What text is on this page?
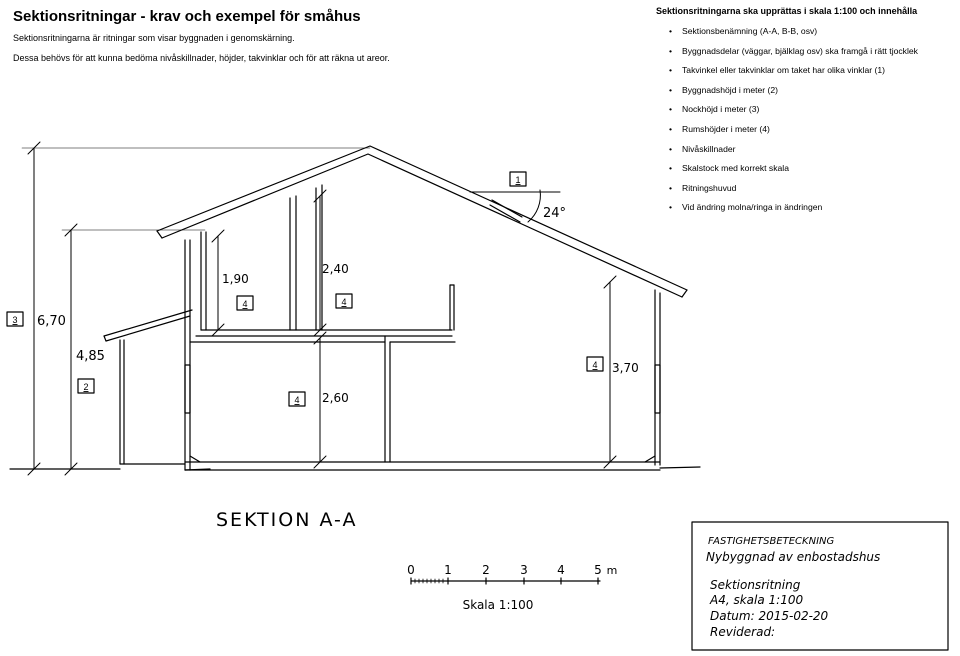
Sektionsritningar - krav och exempel för småhus

Sektionsritningarna är ritningar som visar byggnaden i genomskärning.

Dessa behövs för att kunna bedöma nivåskillnader, höjder, takvinklar och för att räkna ut areor.

Sektionsritningarna ska upprättas i skala 1:100 och innehålla

• Sektionsbenämning (A-A, B-B, osv)
• Byggnadsdelar (väggar, bjälklag osv) ska framgå i rätt tjocklek
• Takvinkel eller takvinklar om taket har olika vinklar (1)
• Byggnadshöjd i meter (2)
• Nockhöjd i meter (3)
• Rumshöjder i meter (4)
• Nivåskillnader
• Skalstock med korrekt skala
• Ritningshuvud
• Vid ändring molna/ringa in ändringen
6,70
4,85
1,90
2,40
2,60
3,70
24°
SEKTION A-A
1
3
2
4	4
4
4
0 1	2	3 4 5 m
Skala 1:100
FASTIGHETSBETECKNING
Nybyggnad av enbostadshus
Sektionsritning
A4, skala 1:100
Datum: 2015-02-20
Reviderad:
